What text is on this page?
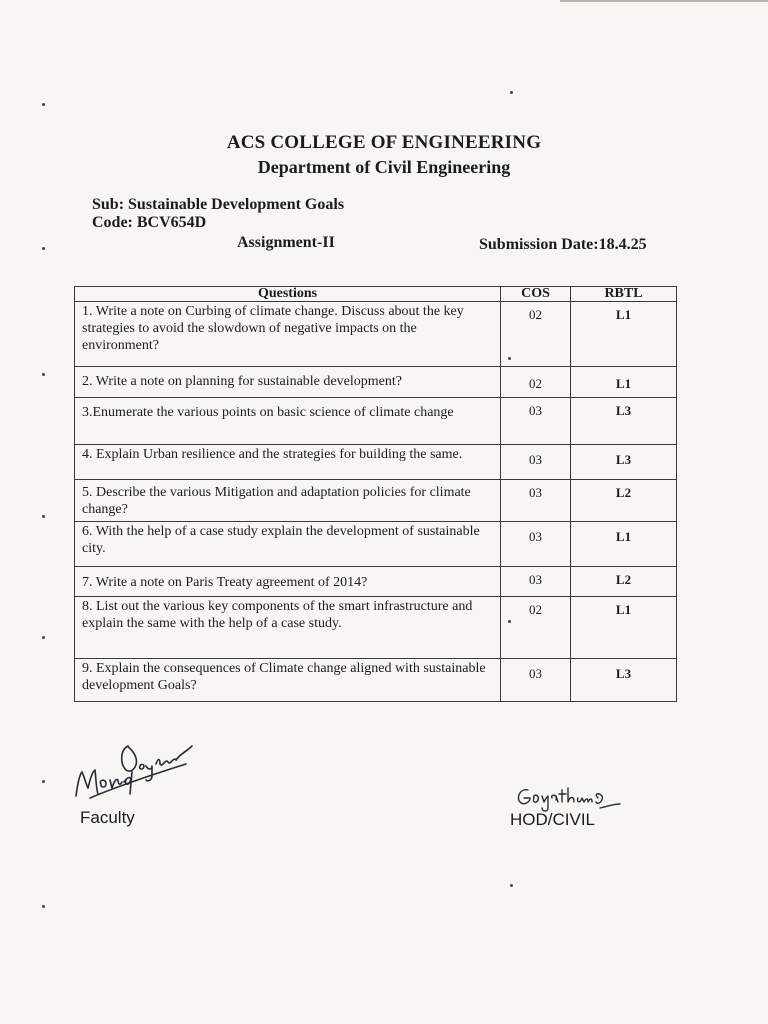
ACS COLLEGE OF ENGINEERING
Department of Civil Engineering
Sub: Sustainable Development Goals
Code: BCV654D
Assignment-II	Submission Date:18.4.25
Questions	COS	RBTL
1. Write a note on Curbing of climate change. Discuss about the key strategies to avoid the slowdown of negative impacts on the environment?	02	L1
2. Write a note on planning for sustainable development?	02	L1
3.Enumerate the various points on basic science of climate change	03	L3
4. Explain Urban resilience and the strategies for building the same.	03	L3
5. Describe the various Mitigation and adaptation policies for climate change?	03	L2
6. With the help of a case study explain the development of sustainable city.	03	L1
7. Write a note on Paris Treaty agreement of 2014?	03	L2
8. List out the various key components of the smart infrastructure and explain the same with the help of a case study.	02	L1
9. Explain the consequences of Climate change aligned with sustainable development Goals?	03	L3
Faculty	HOD/CIVIL
